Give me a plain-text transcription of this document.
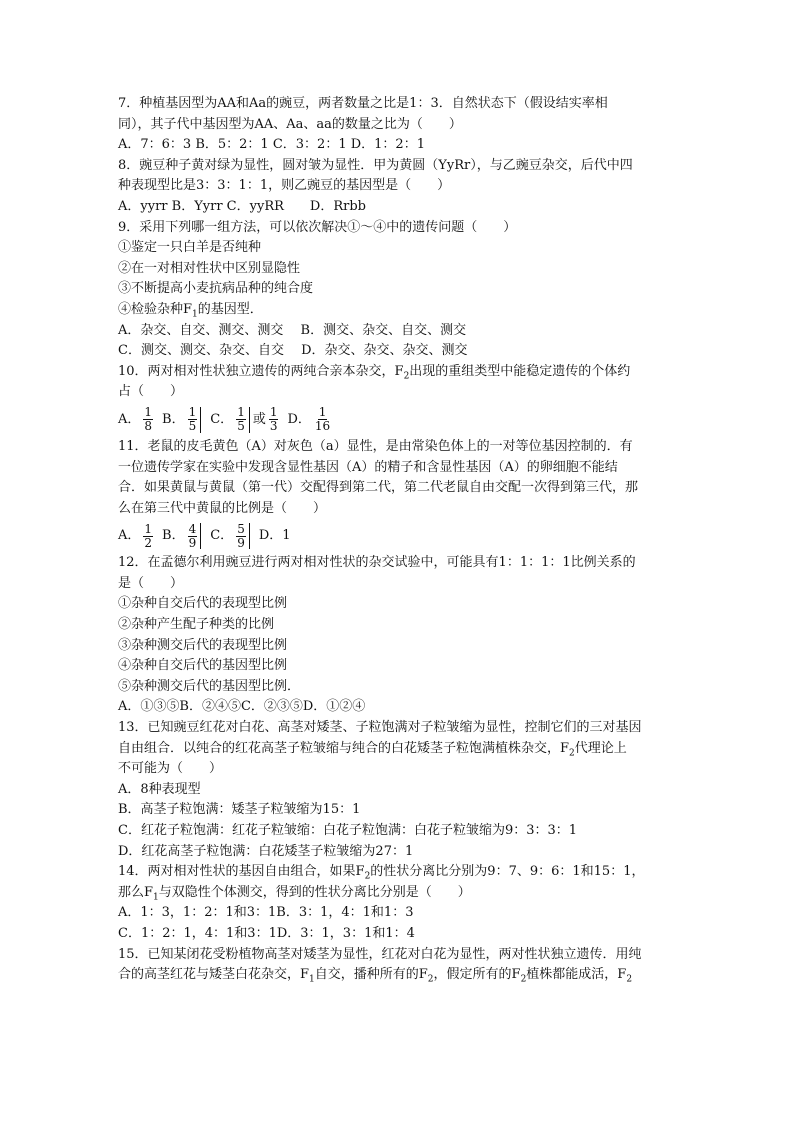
7．种植基因型为AA和Aa的豌豆，两者数量之比是1：3．自然状态下（假设结实率相
同），其子代中基因型为AA、Aa、aa的数量之比为（　　）
A．7：6：3 B．5：2：1 C．3：2：1 D．1：2：1
8．豌豆种子黄对绿为显性，圆对皱为显性．甲为黄圆（YyRr），与乙豌豆杂交，后代中四
种表现型比是3：3：1：1，则乙豌豆的基因型是（　　）
A．yyrr B．Yyrr C．yyRR　　D．Rrbb
9．采用下列哪一组方法，可以依次解决①～④中的遗传问题（　　）
①鉴定一只白羊是否纯种
②在一对相对性状中区别显隐性
③不断提高小麦抗病品种的纯合度
④检验杂种$F_1$的基因型．
A．杂交、自交、测交、测交　 B．测交、杂交、自交、测交
C．测交、测交、杂交、自交　 D．杂交、杂交、杂交、测交
10．两对相对性状独立遗传的两纯合亲本杂交，$F_2$出现的重组类型中能稳定遗传的个体约
占（　　）
A． $\frac{1}{8}$ B． $\frac{1}{5}$ C． $\frac{1}{5}$ 或 $\frac{1}{3}$ D． $\frac{1}{16}$
11．老鼠的皮毛黄色（A）对灰色（a）显性，是由常染色体上的一对等位基因控制的．有
一位遗传学家在实验中发现含显性基因（A）的精子和含显性基因（A）的卵细胞不能结
合．如果黄鼠与黄鼠（第一代）交配得到第二代，第二代老鼠自由交配一次得到第三代，那
么在第三代中黄鼠的比例是（　　）
A． $\frac{1}{2}$ B． $\frac{4}{9}$ C． $\frac{5}{9}$ D．1
12．在孟德尔利用豌豆进行两对相对性状的杂交试验中，可能具有1：1：1：1比例关系的
是（　　）
①杂种自交后代的表现型比例
②杂种产生配子种类的比例
③杂种测交后代的表现型比例
④杂种自交后代的基因型比例
⑤杂种测交后代的基因型比例．
A．①③⑤B．②④⑤C．②③⑤D．①②④
13．已知豌豆红花对白花、高茎对矮茎、子粒饱满对子粒皱缩为显性，控制它们的三对基因
自由组合．以纯合的红花高茎子粒皱缩与纯合的白花矮茎子粒饱满植株杂交，$F_2$代理论上
不可能为（　　）
A．8种表现型
B．高茎子粒饱满：矮茎子粒皱缩为15：1
C．红花子粒饱满：红花子粒皱缩：白花子粒饱满：白花子粒皱缩为9：3：3：1
D．红花高茎子粒饱满：白花矮茎子粒皱缩为27：1
14．两对相对性状的基因自由组合，如果$F_2$的性状分离比分别为9：7、9：6：1和15：1，
那么$F_1$与双隐性个体测交，得到的性状分离比分别是（　　）
A．1：3，1：2：1和3：1B．3：1，4：1和1：3
C．1：2：1，4：1和3：1D．3：1，3：1和1：4
15．已知某闭花受粉植物高茎对矮茎为显性，红花对白花为显性，两对性状独立遗传．用纯
合的高茎红花与矮茎白花杂交，$F_1$自交，播种所有的$F_2$，假定所有的$F_2$植株都能成活，$F_2$
